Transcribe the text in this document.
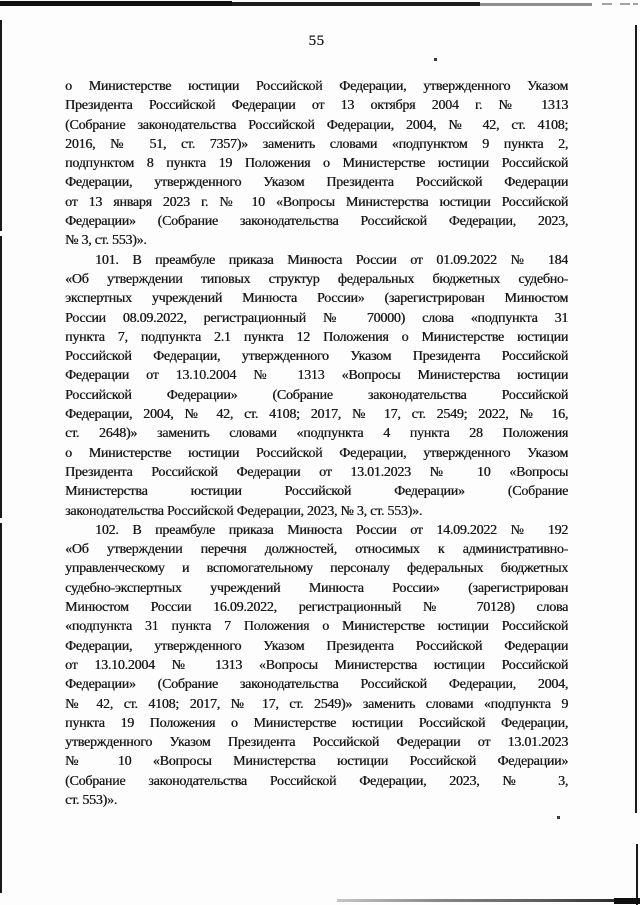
55
о Министерстве юстиции Российской Федерации, утвержденного Указом
Президента Российской Федерации от 13 октября 2004 г. № 1313
(Собрание законодательства Российской Федерации, 2004, № 42, ст. 4108;
2016, № 51, ст. 7357)» заменить словами «подпунктом 9 пункта 2,
подпунктом 8 пункта 19 Положения о Министерстве юстиции Российской
Федерации, утвержденного Указом Президента Российской Федерации
от 13 января 2023 г. № 10 «Вопросы Министерства юстиции Российской
Федерации» (Собрание законодательства Российской Федерации, 2023,
№ 3, ст. 553)».
101. В преамбуле приказа Минюста России от 01.09.2022 № 184
«Об утверждении типовых структур федеральных бюджетных судебно-
экспертных учреждений Минюста России» (зарегистрирован Минюстом
России 08.09.2022, регистрационный № 70000) слова «подпункта 31
пункта 7, подпункта 2.1 пункта 12 Положения о Министерстве юстиции
Российской Федерации, утвержденного Указом Президента Российской
Федерации от 13.10.2004 № 1313 «Вопросы Министерства юстиции
Российской Федерации» (Собрание законодательства Российской
Федерации, 2004, № 42, ст. 4108; 2017, № 17, ст. 2549; 2022, № 16,
ст. 2648)» заменить словами «подпункта 4 пункта 28 Положения
о Министерстве юстиции Российской Федерации, утвержденного Указом
Президента Российской Федерации от 13.01.2023 № 10 «Вопросы
Министерства юстиции Российской Федерации» (Собрание
законодательства Российской Федерации, 2023, № 3, ст. 553)».
102. В преамбуле приказа Минюста России от 14.09.2022 № 192
«Об утверждении перечня должностей, относимых к административно-
управленческому и вспомогательному персоналу федеральных бюджетных
судебно-экспертных учреждений Минюста России» (зарегистрирован
Минюстом России 16.09.2022, регистрационный № 70128) слова
«подпункта 31 пункта 7 Положения о Министерстве юстиции Российской
Федерации, утвержденного Указом Президента Российской Федерации
от 13.10.2004 № 1313 «Вопросы Министерства юстиции Российской
Федерации» (Собрание законодательства Российской Федерации, 2004,
№ 42, ст. 4108; 2017, № 17, ст. 2549)» заменить словами «подпункта 9
пункта 19 Положения о Министерстве юстиции Российской Федерации,
утвержденного Указом Президента Российской Федерации от 13.01.2023
№ 10 «Вопросы Министерства юстиции Российской Федерации»
(Собрание законодательства Российской Федерации, 2023, № 3,
ст. 553)».
